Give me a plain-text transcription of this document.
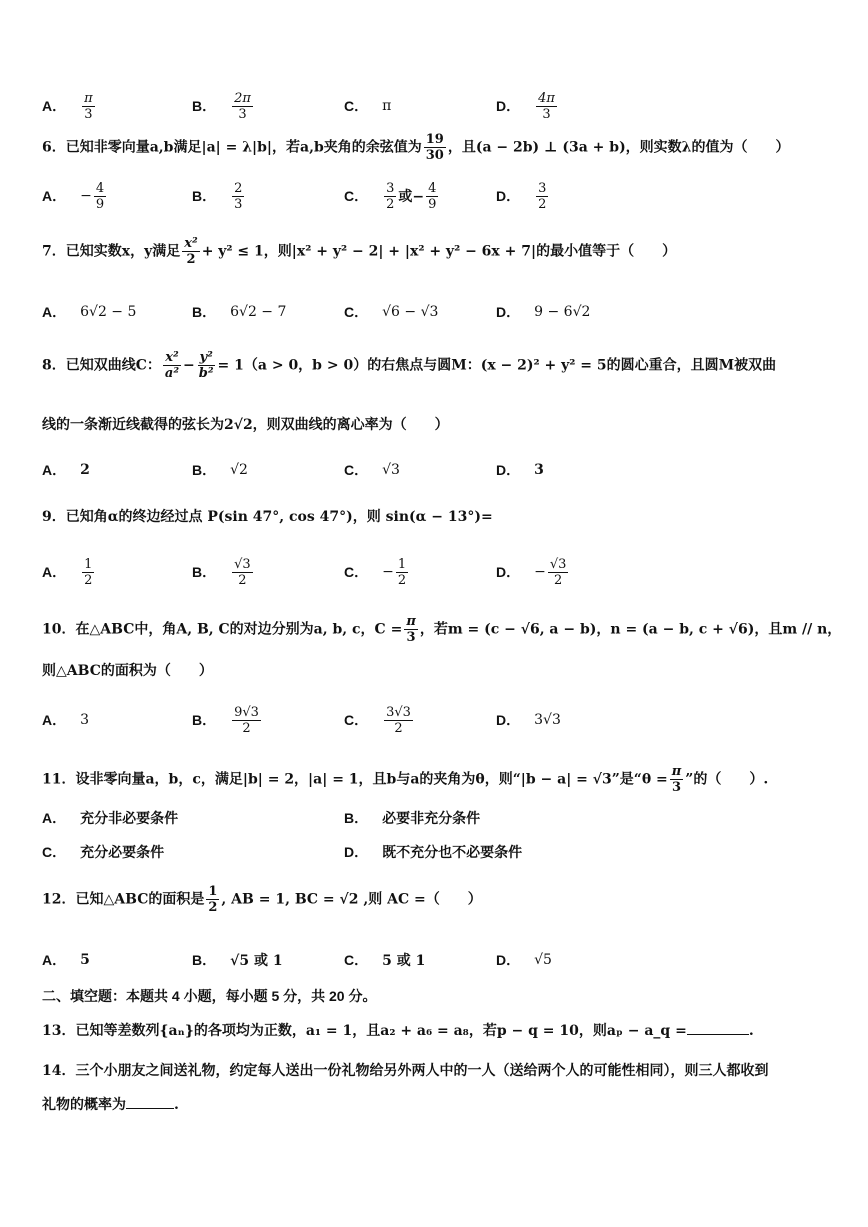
A． $\frac{\pi}{3}$	B． $\frac{2\pi}{3}$	C． π	D． $\frac{4\pi}{3}$
6．已知非零向量a,b满足|a| = λ|b|，若a,b夹角的余弦值为 $\frac{19}{30}$ ，且(a − 2b) ⊥ (3a + b)，则实数λ的值为（　　）
A． − $\frac{4}{9}$	B． $\frac{2}{3}$	C． $\frac{3}{2}$ 或− $\frac{4}{9}$	D． $\frac{3}{2}$
7．已知实数x，y满足 $\frac{\text{x²}}{2} + y^2 \le 1$，则|x² + y² − 2| + |x² + y² − 6x + 7|的最小值等于（　　）
A． 6√2 − 5	B． 6√2 − 7	C． √6 − √3	D． 9 − 6√2
8．已知双曲线C： $\frac{\text{x²}}{\text{a²}} - \frac{\text{y²}}{\text{b²}} = 1(a > 0$，b > 0）的右焦点与圆M：(x − 2)² + y² = 5的圆心重合，且圆M被双曲
线的一条渐近线截得的弦长为2√2，则双曲线的离心率为（　　）
A． 2	B． √2	C． √3	D． 3
9．已知角α的终边经过点 P(sin 47°, cos 47°)，则 sin(α − 13°)=
A． $\frac{1}{2}$	B． $\frac{√3}{2}$	C． − $\frac{1}{2}$	D． − $\frac{√3}{2}$
10．在△ABC中，角A, B, C的对边分别为a, b, c，$C = \frac{\pi}{3}$ ，若m = (c − √6, a − b)，n = (a − b, c + √6)，且m // n，
则△ABC的面积为（　　）
A． 3	B． $\frac{9√3}{2}$	C． $\frac{3√3}{2}$	D． 3√3
11．设非零向量a，b，c，满足|b| = 2，|a| = 1，且b与a的夹角为θ，则“|b − a| = √3”是“$\theta = \frac{\pi}{3}$ ”的（　　）.
A． 充分非必要条件	B． 必要非充分条件
C． 充分必要条件	D． 既不充分也不必要条件
12．已知△ABC的面积是 $\frac{1}{2}$ , AB = 1, BC = √2 ,则 AC =（　　）
A． 5	B． √5 或 1	C． 5 或 1	D． √5
二、填空题：本题共 4 小题，每小题 5 分，共 20 分。
13．已知等差数列{aₙ}的各项均为正数，a₁ = 1，且a₂ + a₆ = a₈，若p − q = 10，则aₚ − a_q =	.
14．三个小朋友之间送礼物，约定每人送出一份礼物给另外两人中的一人（送给两个人的可能性相同），则三人都收到
礼物的概率为	.
